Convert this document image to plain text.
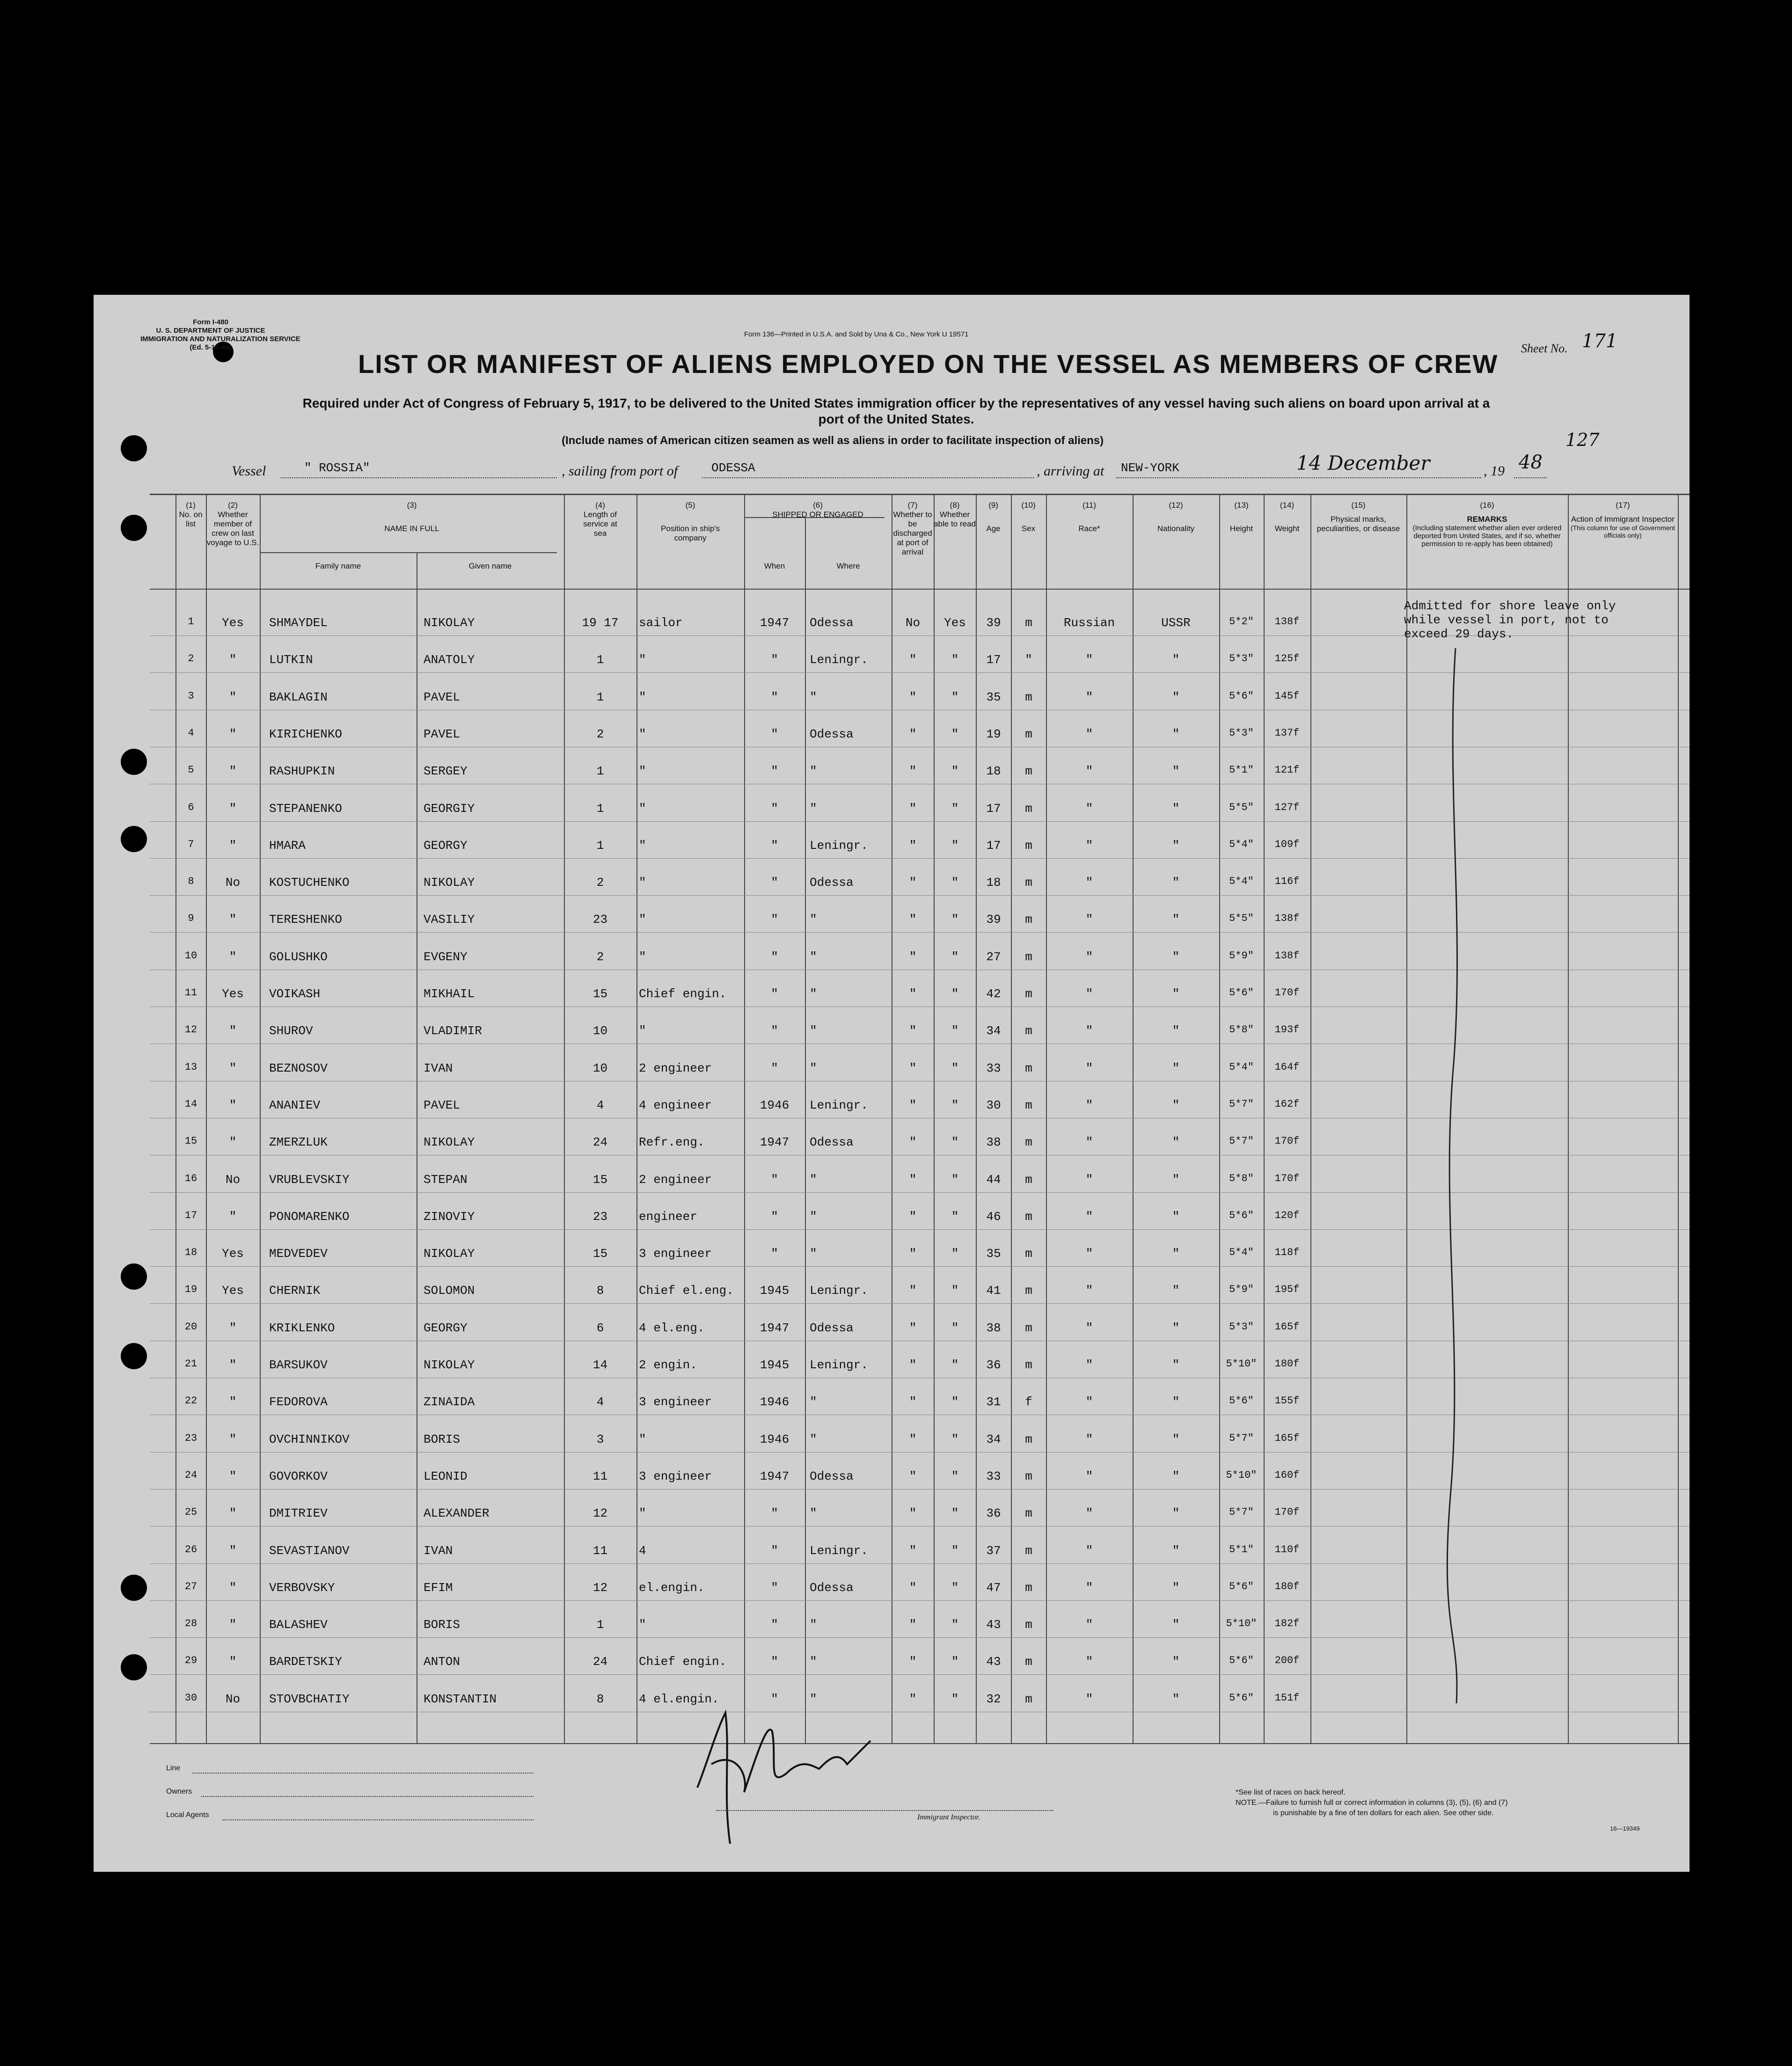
Form I-480
U. S. DEPARTMENT OF JUSTICE
IMMIGRATION AND NATURALIZATION SERVICE
(Ed. 5-15-44)
Form 136—Printed in U.S.A. and Sold by Una & Co., New York U 19571
Sheet No. 171
LIST OR MANIFEST OF ALIENS EMPLOYED ON THE VESSEL AS MEMBERS OF CREW
Required under Act of Congress of February 5, 1917, to be delivered to the United States immigration officer by the representatives of any vessel having such aliens on board upon arrival at a
port of the United States.
(Include names of American citizen seamen as well as aliens in order to facilitate inspection of aliens)	127
Vessel	" ROSSIA"	, sailing from port of	ODESSA	, arriving at NEW-YORK	14 December	, 19 48
(1)
No. on list
(2)
Whether member of crew on last voyage to U.S.
(3)
NAME IN FULL
Family name	Given name
(4)
Length of service at sea
(5)
Position in ship's company
(6)
SHIPPED OR ENGAGED
When	Where
(7)
Whether to be discharged at port of arrival
(8)
Whether able to read
(9)
Age
(10)
Sex
(11)
Race*
(12)
Nationality
(13)
Height
(14)
Weight
(15)
Physical marks, peculiarities, or disease
(16)
REMARKS
(Including statement whether alien ever ordered deported from United States, and if so, whether permission to re-apply has been obtained)
(17)
Action of Immigrant Inspector
(This column for use of Government officials only)
1	Yes	SHMAYDEL	NIKOLAY	19 17	sailor	1947	Odessa	No	Yes	39	m	Russian	USSR	5*2"	138f
2	"	LUTKIN	ANATOLY	1	"	"	Leningr.	"	"	17	"	"	"	5*3"	125f
3	"	BAKLAGIN	PAVEL	1	"	"	"	"	"	35	m	"	"	5*6"	145f
4	"	KIRICHENKO	PAVEL	2	"	"	Odessa	"	"	19	m	"	"	5*3"	137f
5	"	RASHUPKIN	SERGEY	1	"	"	"	"	"	18	m	"	"	5*1"	121f
6	"	STEPANENKO	GEORGIY	1	"	"	"	"	"	17	m	"	"	5*5"	127f
7	"	HMARA	GEORGY	1	"	"	Leningr.	"	"	17	m	"	"	5*4"	109f
8	No	KOSTUCHENKO	NIKOLAY	2	"	"	Odessa	"	"	18	m	"	"	5*4"	116f
9	"	TERESHENKO	VASILIY	23	"	"	"	"	"	39	m	"	"	5*5"	138f
10	"	GOLUSHKO	EVGENY	2	"	"	"	"	"	27	m	"	"	5*9"	138f
11	Yes	VOIKASH	MIKHAIL	15	Chief engin.	"	"	"	"	42	m	"	"	5*6"	170f
12	"	SHUROV	VLADIMIR	10	"	"	"	"	"	34	m	"	"	5*8"	193f
13	"	BEZNOSOV	IVAN	10	2 engineer	"	"	"	"	33	m	"	"	5*4"	164f
14	"	ANANIEV	PAVEL	4	4 engineer	1946	Leningr.	"	"	30	m	"	"	5*7"	162f
15	"	ZMERZLUK	NIKOLAY	24	Refr.eng.	1947	Odessa	"	"	38	m	"	"	5*7"	170f
16	No	VRUBLEVSKIY	STEPAN	15	2 engineer	"	"	"	"	44	m	"	"	5*8"	170f
17	"	PONOMARENKO	ZINOVIY	23	engineer	"	"	"	"	46	m	"	"	5*6"	120f
18	Yes	MEDVEDEV	NIKOLAY	15	3 engineer	"	"	"	"	35	m	"	"	5*4"	118f
19	Yes	CHERNIK	SOLOMON	8	Chief el.eng.	1945	Leningr.	"	"	41	m	"	"	5*9"	195f
20	"	KRIKLENKO	GEORGY	6	4 el.eng.	1947	Odessa	"	"	38	m	"	"	5*3"	165f
21	"	BARSUKOV	NIKOLAY	14	2 engin.	1945	Leningr.	"	"	36	m	"	"	5*10"	180f
22	"	FEDOROVA	ZINAIDA	4	3 engineer	1946	"	"	"	31	f	"	"	5*6"	155f
23	"	OVCHINNIKOV	BORIS	3	"	1946	"	"	"	34	m	"	"	5*7"	165f
24	"	GOVORKOV	LEONID	11	3 engineer	1947	Odessa	"	"	33	m	"	"	5*10"	160f
25	"	DMITRIEV	ALEXANDER	12	"	"	"	"	"	36	m	"	"	5*7"	170f
26	"	SEVASTIANOV	IVAN	11	4	"	Leningr.	"	"	37	m	"	"	5*1"	110f
27	"	VERBOVSKY	EFIM	12	el.engin.	"	Odessa	"	"	47	m	"	"	5*6"	180f
28	"	BALASHEV	BORIS	1	"	"	"	"	"	43	m	"	"	5*10"	182f
29	"	BARDETSKIY	ANTON	24	Chief engin.	"	"	"	"	43	m	"	"	5*6"	200f
30	No	STOVBCHATIY	KONSTANTIN	8	4 el.engin.	"	"	"	"	32	m	"	"	5*6"	151f
Admitted for shore leave only
while vessel in port, not to
exceed 29 days.
Line
Owners
Local Agents	Immigrant Inspector.
*See list of races on back hereof.
NOTE.—Failure to furnish full or correct information in columns (3), (5), (6) and (7)
is punishable by a fine of ten dollars for each alien. See other side.
16—19349
